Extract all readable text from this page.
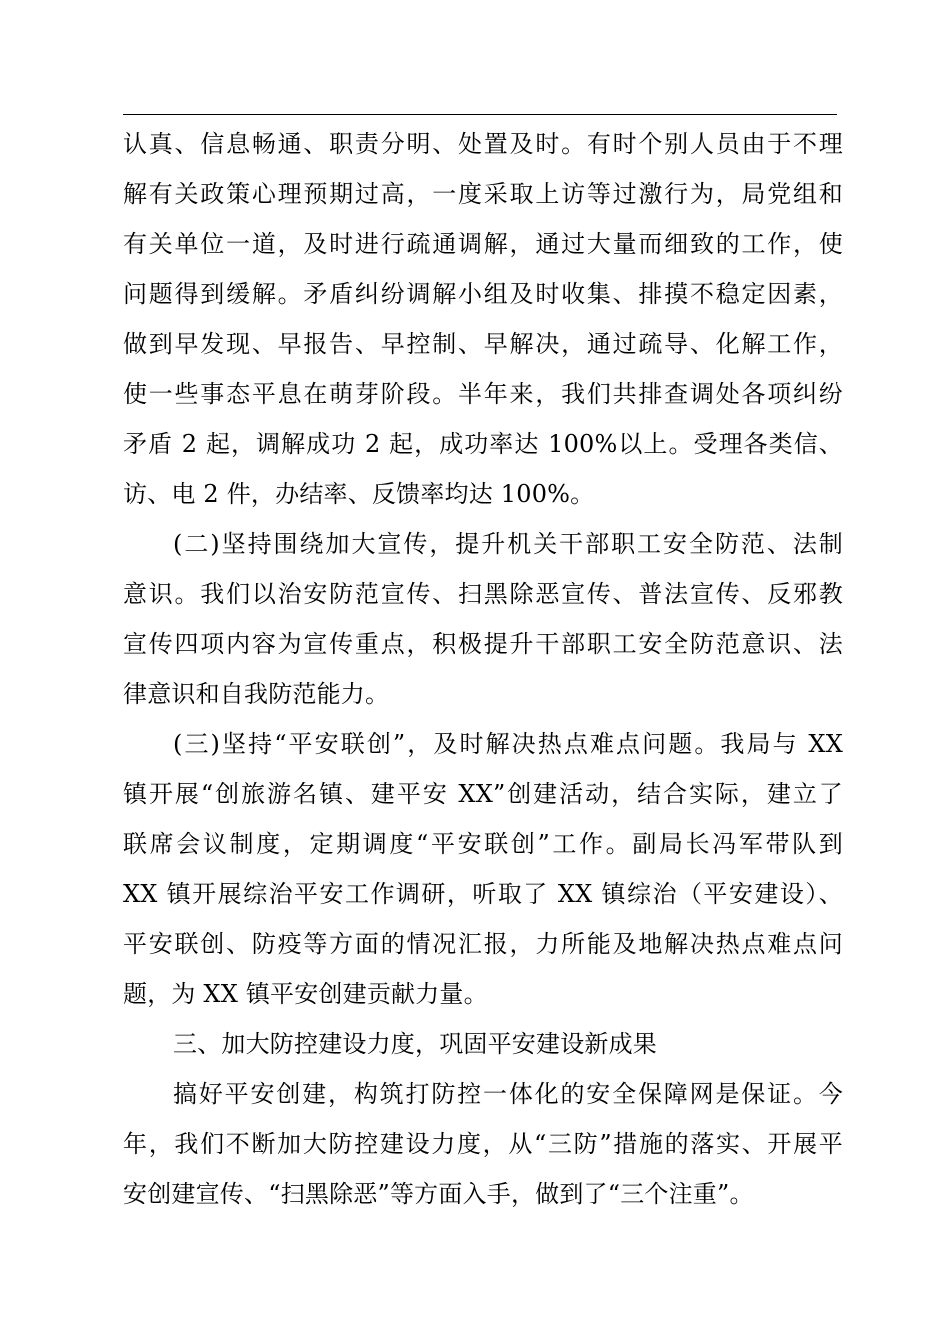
认真、信息畅通、职责分明、处置及时。有时个别人员由于不理
解有关政策心理预期过高，一度采取上访等过激行为，局党组和
有关单位一道，及时进行疏通调解，通过大量而细致的工作，使
问题得到缓解。矛盾纠纷调解小组及时收集、排摸不稳定因素，
做到早发现、早报告、早控制、早解决，通过疏导、化解工作，
使一些事态平息在萌芽阶段。半年来，我们共排查调处各项纠纷
矛盾 2 起，调解成功 2 起，成功率达 100%以上。受理各类信、
访、电 2 件，办结率、反馈率均达 100%。
(二)坚持围绕加大宣传，提升机关干部职工安全防范、法制
意识。我们以治安防范宣传、扫黑除恶宣传、普法宣传、反邪教
宣传四项内容为宣传重点，积极提升干部职工安全防范意识、法
律意识和自我防范能力。
(三)坚持“平安联创”，及时解决热点难点问题。我局与 XX
镇开展“创旅游名镇、建平安 XX”创建活动，结合实际，建立了
联席会议制度，定期调度“平安联创”工作。副局长冯军带队到
XX 镇开展综治平安工作调研，听取了 XX 镇综治（平安建设）、
平安联创、防疫等方面的情况汇报，力所能及地解决热点难点问
题，为 XX 镇平安创建贡献力量。
三、加大防控建设力度，巩固平安建设新成果
搞好平安创建，构筑打防控一体化的安全保障网是保证。今
年，我们不断加大防控建设力度，从“三防”措施的落实、开展平
安创建宣传、“扫黑除恶”等方面入手，做到了“三个注重”。
